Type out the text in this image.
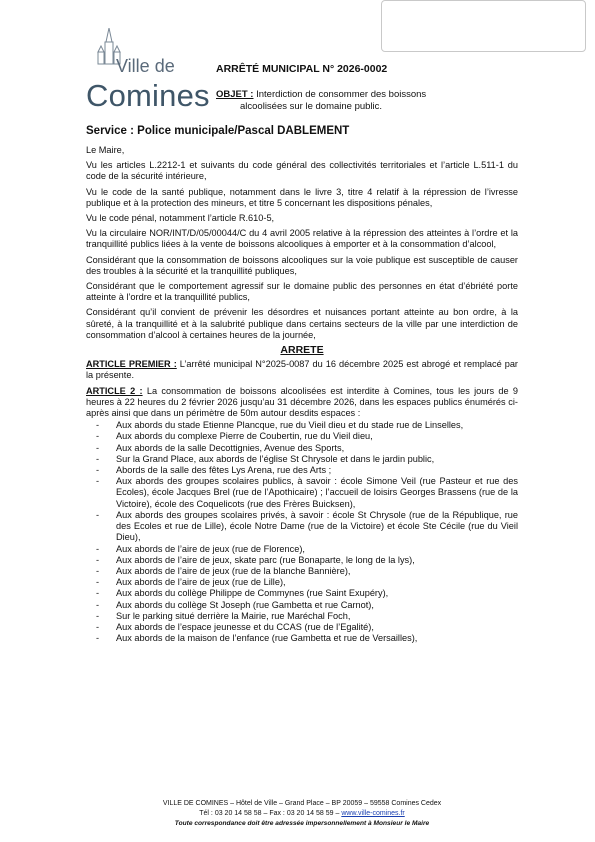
Ville de
Comines
ARRÊTÉ MUNICIPAL N° 2026-0002
OBJET : Interdiction de consommer des boissons
alcoolisées sur le domaine public.
Service : Police municipale/Pascal DABLEMENT

Le Maire,

Vu les articles L.2212-1 et suivants du code général des collectivités territoriales et l’article L.511-1 du code de la sécurité intérieure,

Vu le code de la santé publique, notamment dans le livre 3, titre 4 relatif à la répression de l’ivresse publique et à la protection des mineurs, et titre 5 concernant les dispositions pénales,

Vu le code pénal, notamment l’article R.610-5,

Vu la circulaire NOR/INT/D/05/00044/C du 4 avril 2005 relative à la répression des atteintes à l’ordre et la tranquillité publics liées à la vente de boissons alcooliques à emporter et à la consommation d’alcool,

Considérant que la consommation de boissons alcooliques sur la voie publique est susceptible de causer des troubles à la sécurité et la tranquillité publiques,

Considérant que le comportement agressif sur le domaine public des personnes en état d’ébriété porte atteinte à l’ordre et la tranquillité publics,

Considérant qu’il convient de prévenir les désordres et nuisances portant atteinte au bon ordre, à la sûreté, à la tranquillité et à la salubrité publique dans certains secteurs de la ville par une interdiction de consommation d’alcool à certaines heures de la journée,

ARRETE

ARTICLE PREMIER : L’arrêté municipal N°2025-0087 du 16 décembre 2025 est abrogé et remplacé par la présente.

ARTICLE 2 : La consommation de boissons alcoolisées est interdite à Comines, tous les jours de 9 heures à 22 heures du 2 février 2026 jusqu’au 31 décembre 2026, dans les espaces publics énumérés ci-après ainsi que dans un périmètre de 50m autour desdits espaces :

- Aux abords du stade Etienne Plancque, rue du Vieil dieu et du stade rue de Linselles,
- Aux abords du complexe Pierre de Coubertin, rue du Vieil dieu,
- Aux abords de la salle Decottignies, Avenue des Sports,
- Sur la Grand Place, aux abords de l’église St Chrysole et dans le jardin public,
- Abords de la salle des fêtes Lys Arena, rue des Arts ;
- Aux abords des groupes scolaires publics, à savoir : école Simone Veil (rue Pasteur et rue des Ecoles), école Jacques Brel (rue de l’Apothicaire) ; l’accueil de loisirs Georges Brassens (rue de la Victoire), école des Coquelicots (rue des Frères Buicksen),
- Aux abords des groupes scolaires privés, à savoir : école St Chrysole (rue de la République, rue des Ecoles et rue de Lille), école Notre Dame (rue de la Victoire) et école Ste Cécile (rue du Vieil Dieu),
- Aux abords de l’aire de jeux (rue de Florence),
- Aux abords de l’aire de jeux, skate parc (rue Bonaparte, le long de la lys),
- Aux abords de l’aire de jeux (rue de la blanche Bannière),
- Aux abords de l’aire de jeux (rue de Lille),
- Aux abords du collège Philippe de Commynes (rue Saint Exupéry),
- Aux abords du collège St Joseph (rue Gambetta et rue Carnot),
- Sur le parking situé derrière la Mairie, rue Maréchal Foch,
- Aux abords de l’espace jeunesse et du CCAS (rue de l’Egalité),
- Aux abords de la maison de l’enfance (rue Gambetta et rue de Versailles),
VILLE DE COMINES – Hôtel de Ville – Grand Place – BP 20059 – 59558 Comines Cedex
Tél : 03 20 14 58 58 – Fax : 03 20 14 58 59 – www.ville-comines.fr
Toute correspondance doit être adressée impersonnellement à Monsieur le Maire
